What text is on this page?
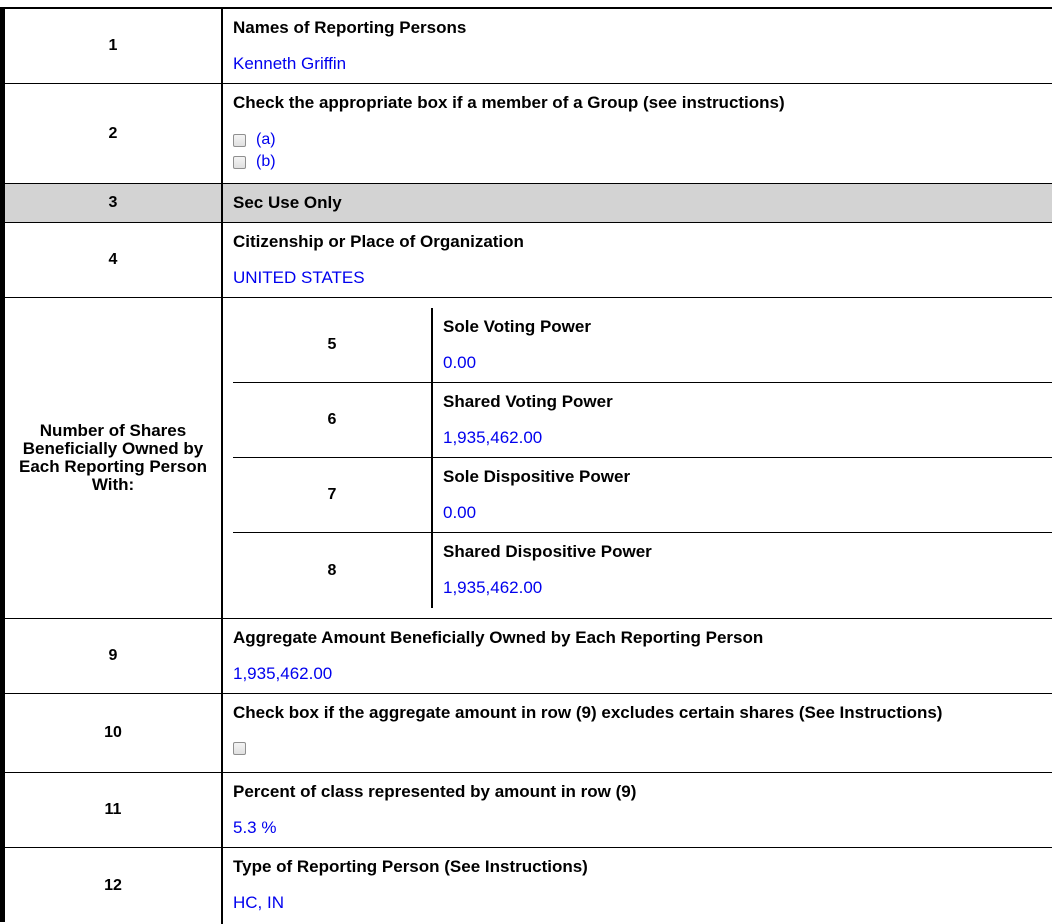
1
Names of Reporting Persons
Kenneth Griffin
2
Check the appropriate box if a member of a Group (see instructions)
(a)
(b)
3	Sec Use Only
4
Citizenship or Place of Organization
UNITED STATES
Number of Shares Beneficially Owned by Each Reporting Person With:
5
Sole Voting Power
0.00
6
Shared Voting Power
1,935,462.00
7
Sole Dispositive Power
0.00
8
Shared Dispositive Power
1,935,462.00
9
Aggregate Amount Beneficially Owned by Each Reporting Person
1,935,462.00
10
Check box if the aggregate amount in row (9) excludes certain shares (See Instructions)
11
Percent of class represented by amount in row (9)
5.3 %
12
Type of Reporting Person (See Instructions)
HC, IN
